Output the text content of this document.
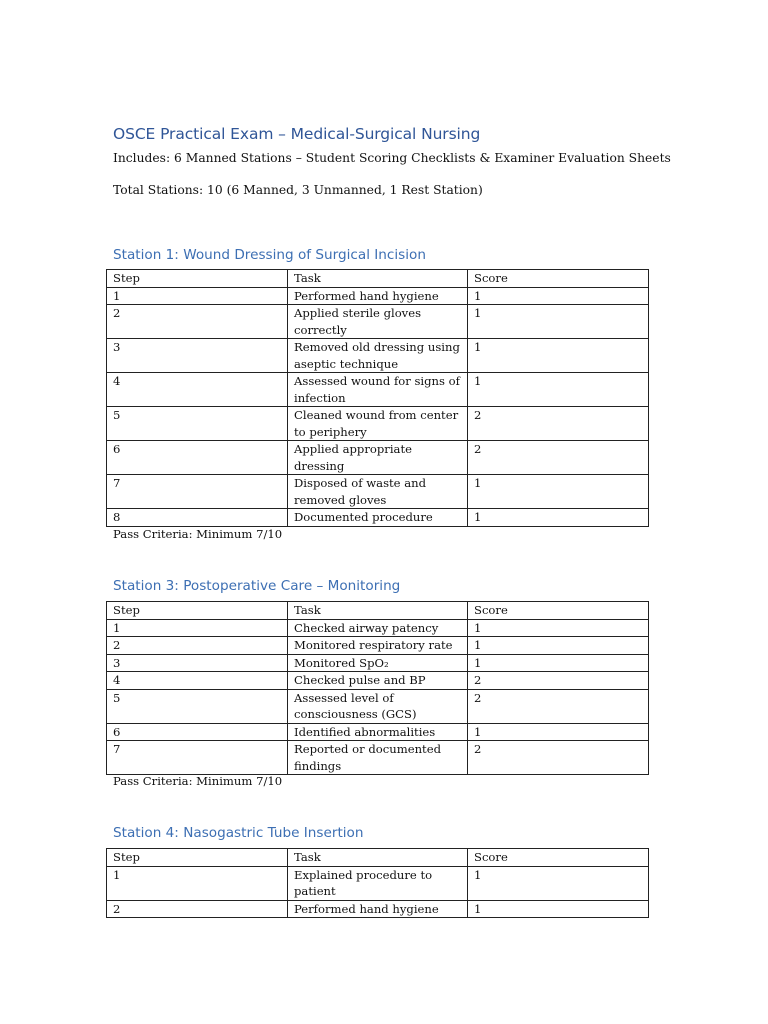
OSCE Practical Exam – Medical-Surgical Nursing
Includes: 6 Manned Stations – Student Scoring Checklists & Examiner Evaluation Sheets
Total Stations: 10 (6 Manned, 3 Unmanned, 1 Rest Station)
Station 1: Wound Dressing of Surgical Incision
Step	Task	Score
1	Performed hand hygiene	1
2	Applied sterile gloves correctly	1
3	Removed old dressing using aseptic technique	1
4	Assessed wound for signs of infection	1
5	Cleaned wound from center to periphery	2
6	Applied appropriate dressing	2
7	Disposed of waste and removed gloves	1
8	Documented procedure	1
Pass Criteria: Minimum 7/10
Station 3: Postoperative Care – Monitoring
Step	Task	Score
1	Checked airway patency	1
2	Monitored respiratory rate	1
3	Monitored SpO₂	1
4	Checked pulse and BP	2
5	Assessed level of consciousness (GCS)	2
6	Identified abnormalities	1
7	Reported or documented findings	2
Pass Criteria: Minimum 7/10
Station 4: Nasogastric Tube Insertion
Step	Task	Score
1	Explained procedure to patient	1
2	Performed hand hygiene	1
